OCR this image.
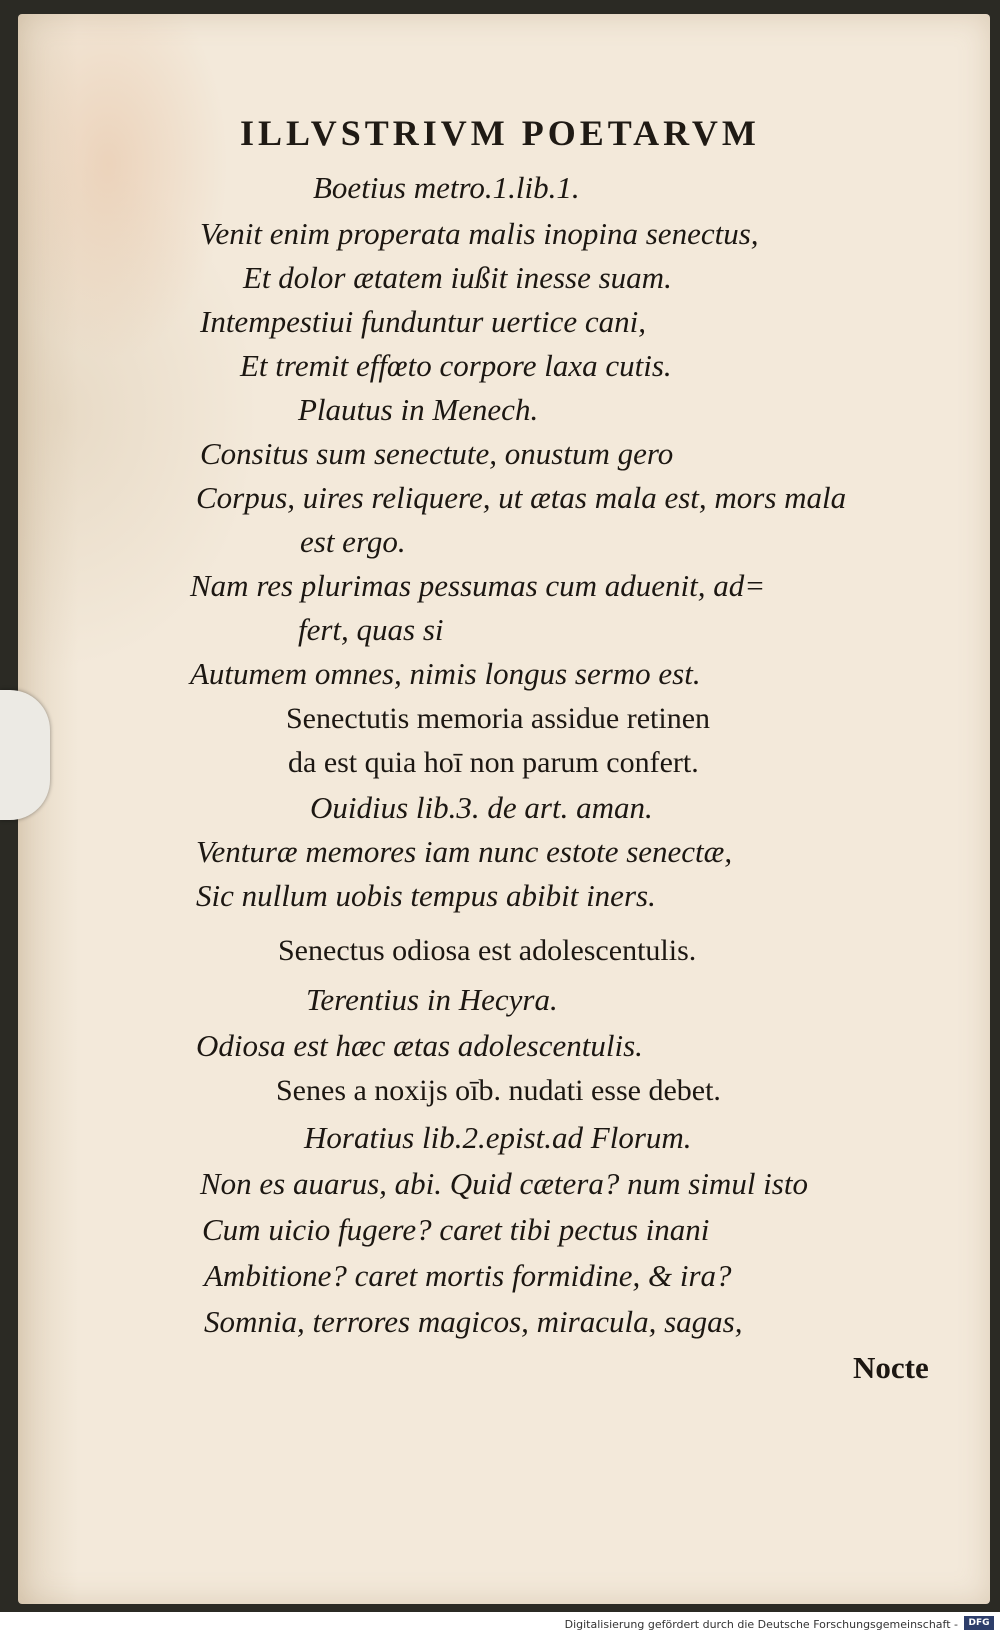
ILLVSTRIVM POETARVM
Boetius metro.1.lib.1.
Venit enim properata malis inopina senectus,
Et dolor ætatem iußit inesse suam.
Intempestiui funduntur uertice cani,
Et tremit effœto corpore laxa cutis.
Plautus in Menech.
Consitus sum senectute, onustum gero
Corpus, uires reliquere, ut ætas mala est, mors mala
est ergo.
Nam res plurimas pessumas cum aduenit, ad=
fert, quas si
Autumem omnes, nimis longus sermo est.
Senectutis memoria assidue retinen
da est quia hoī non parum confert.
Ouidius lib.3. de art. aman.
Venturæ memores iam nunc estote senectæ,
Sic nullum uobis tempus abibit iners.
Senectus odiosa est adolescentulis.
Terentius in Hecyra.
Odiosa est hæc ætas adolescentulis.
Senes a noxijs oīb. nudati esse debet.
Horatius lib.2.epist.ad Florum.
Non es auarus, abi. Quid cætera? num simul isto
Cum uicio fugere? caret tibi pectus inani
Ambitione? caret mortis formidine, & ira?
Somnia, terrores magicos, miracula, sagas,
Nocte
Digitalisierung gefördert durch die Deutsche Forschungsgemeinschaft -	DFG
